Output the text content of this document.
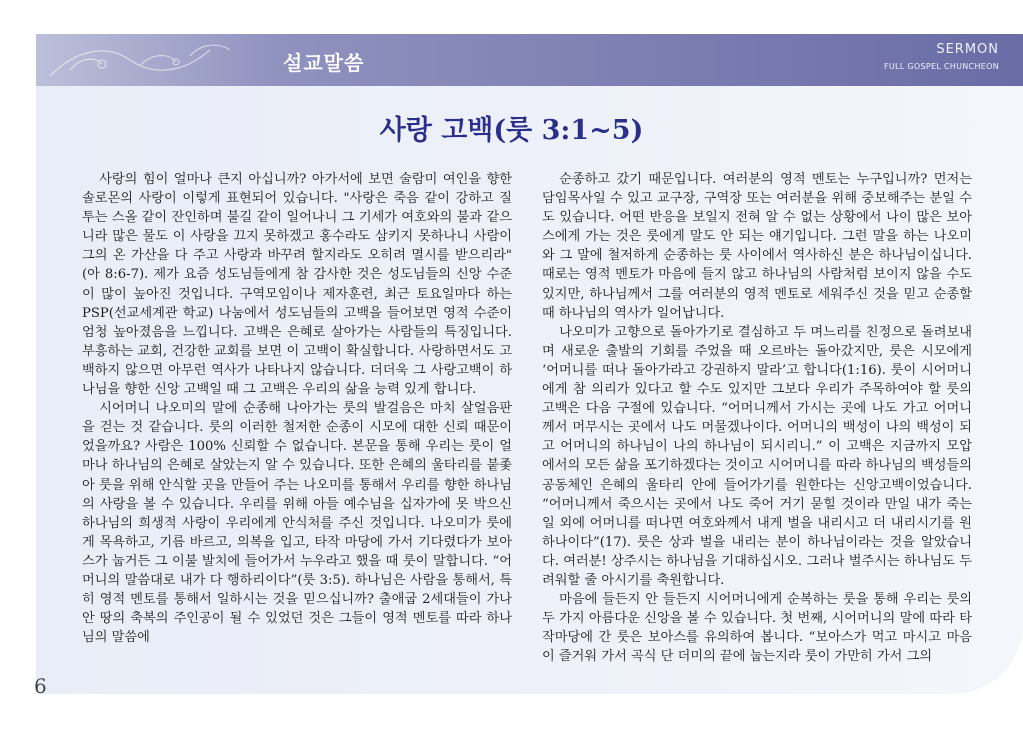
설교말씀
SERMON
FULL GOSPEL CHUNCHEON
사랑 고백(룻 3:1~5)

사랑의 힘이 얼마나 큰지 아십니까? 아가서에 보면 술람미 여인을 향한 솔로몬의 사랑이 이렇게 표현되어 있습니다. "사랑은 죽음 같이 강하고 질투는 스올 같이 잔인하며 불길 같이 일어나니 그 기세가 여호와의 불과 같으니라 많은 물도 이 사랑을 끄지 못하겠고 홍수라도 삼키지 못하나니 사람이 그의 온 가산을 다 주고 사랑과 바꾸려 할지라도 오히려 멸시를 받으리라"(아 8:6-7). 제가 요즘 성도님들에게 참 감사한 것은 성도님들의 신앙 수준이 많이 높아진 것입니다. 구역모임이나 제자훈련, 최근 토요일마다 하는 PSP(선교세계관 학교) 나눔에서 성도님들의 고백을 들어보면 영적 수준이 엄청 높아졌음을 느낍니다. 고백은 은혜로 살아가는 사람들의 특징입니다. 부흥하는 교회, 건강한 교회를 보면 이 고백이 확실합니다. 사랑하면서도 고백하지 않으면 아무런 역사가 나타나지 않습니다. 더더욱 그 사랑고백이 하나님을 향한 신앙 고백일 때 그 고백은 우리의 삶을 능력 있게 합니다.

시어머니 나오미의 말에 순종해 나아가는 룻의 발걸음은 마치 살얼음판을 걷는 것 같습니다. 룻의 이러한 철저한 순종이 시모에 대한 신뢰 때문이었을까요? 사람은 100% 신뢰할 수 없습니다. 본문을 통해 우리는 룻이 얼마나 하나님의 은혜로 살았는지 알 수 있습니다. 또한 은혜의 울타리를 붙좇아 룻을 위해 안식할 곳을 만들어 주는 나오미를 통해서 우리를 향한 하나님의 사랑을 볼 수 있습니다. 우리를 위해 아들 예수님을 십자가에 못 박으신 하나님의 희생적 사랑이 우리에게 안식처를 주신 것입니다. 나오미가 룻에게 목욕하고, 기름 바르고, 의복을 입고, 타작 마당에 가서 기다렸다가 보아스가 눕거든 그 이불 발치에 들어가서 누우라고 했을 때 룻이 말합니다. “어머니의 말씀대로 내가 다 행하리이다”(룻 3:5). 하나님은 사람을 통해서, 특히 영적 멘토를 통해서 일하시는 것을 믿으십니까? 출애굽 2세대들이 가나안 땅의 축복의 주인공이 될 수 있었던 것은 그들이 영적 멘토를 따라 하나님의 말씀에

순종하고 갔기 때문입니다. 여러분의 영적 멘토는 누구입니까? 먼저는 담임목사일 수 있고 교구장, 구역장 또는 여러분을 위해 중보해주는 분일 수도 있습니다. 어떤 반응을 보일지 전혀 알 수 없는 상황에서 나이 많은 보아스에게 가는 것은 룻에게 말도 안 되는 얘기입니다. 그런 말을 하는 나오미와 그 말에 철저하게 순종하는 룻 사이에서 역사하신 분은 하나님이십니다. 때로는 영적 멘토가 마음에 들지 않고 하나님의 사람처럼 보이지 않을 수도 있지만, 하나님께서 그를 여러분의 영적 멘토로 세워주신 것을 믿고 순종할 때 하나님의 역사가 일어납니다.

나오미가 고향으로 돌아가기로 결심하고 두 며느리를 친정으로 돌려보내며 새로운 출발의 기회를 주었을 때 오르바는 돌아갔지만, 룻은 시모에게 ‘어머니를 떠나 돌아가라고 강권하지 말라’고 합니다(1:16). 룻이 시어머니에게 참 의리가 있다고 할 수도 있지만 그보다 우리가 주목하여야 할 룻의 고백은 다음 구절에 있습니다. “어머니께서 가시는 곳에 나도 가고 어머니께서 머무시는 곳에서 나도 머물겠나이다. 어머니의 백성이 나의 백성이 되고 어머니의 하나님이 나의 하나님이 되시리니.” 이 고백은 지금까지 모압에서의 모든 삶을 포기하겠다는 것이고 시어머니를 따라 하나님의 백성들의 공동체인 은혜의 울타리 안에 들어가기를 원한다는 신앙고백이었습니다. “어머니께서 죽으시는 곳에서 나도 죽어 거기 묻힐 것이라 만일 내가 죽는 일 외에 어머니를 떠나면 여호와께서 내게 벌을 내리시고 더 내리시기를 원하나이다”(17). 룻은 상과 벌을 내리는 분이 하나님이라는 것을 알았습니다. 여러분! 상주시는 하나님을 기대하십시오. 그러나 벌주시는 하나님도 두려워할 줄 아시기를 축원합니다.

마음에 들든지 안 들든지 시어머니에게 순복하는 룻을 통해 우리는 룻의 두 가지 아름다운 신앙을 볼 수 있습니다. 첫 번째, 시어머니의 말에 따라 타작마당에 간 룻은 보아스를 유의하여 봅니다. “보아스가 먹고 마시고 마음이 즐거워 가서 곡식 단 더미의 끝에 눕는지라 룻이 가만히 가서 그의

6
